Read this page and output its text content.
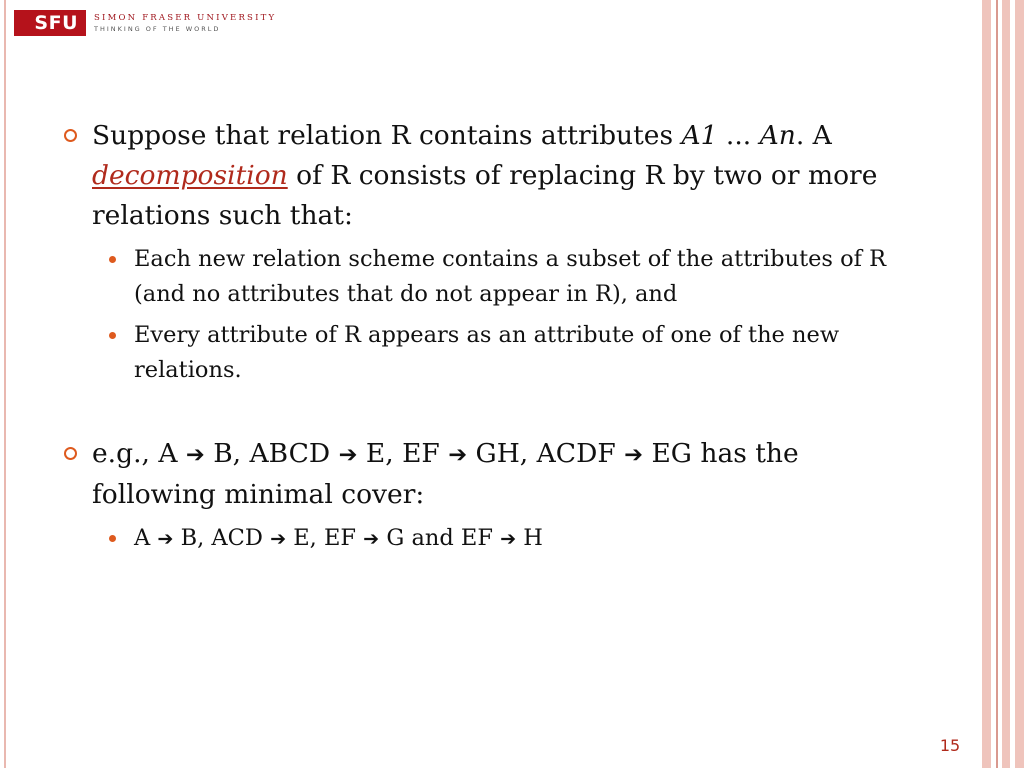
SFU	SIMON FRASER UNIVERSITY
THINKING OF THE WORLD
Suppose that relation R contains attributes A1 ... An. A decomposition of R consists of replacing R by two or more relations such that:
Each new relation scheme contains a subset of the attributes of R (and no attributes that do not appear in R), and
Every attribute of R appears as an attribute of one of the new relations.
e.g., A ➔ B, ABCD ➔ E, EF ➔ GH, ACDF ➔ EG has the following minimal cover:
A ➔ B, ACD ➔ E, EF ➔ G and EF ➔ H
15
